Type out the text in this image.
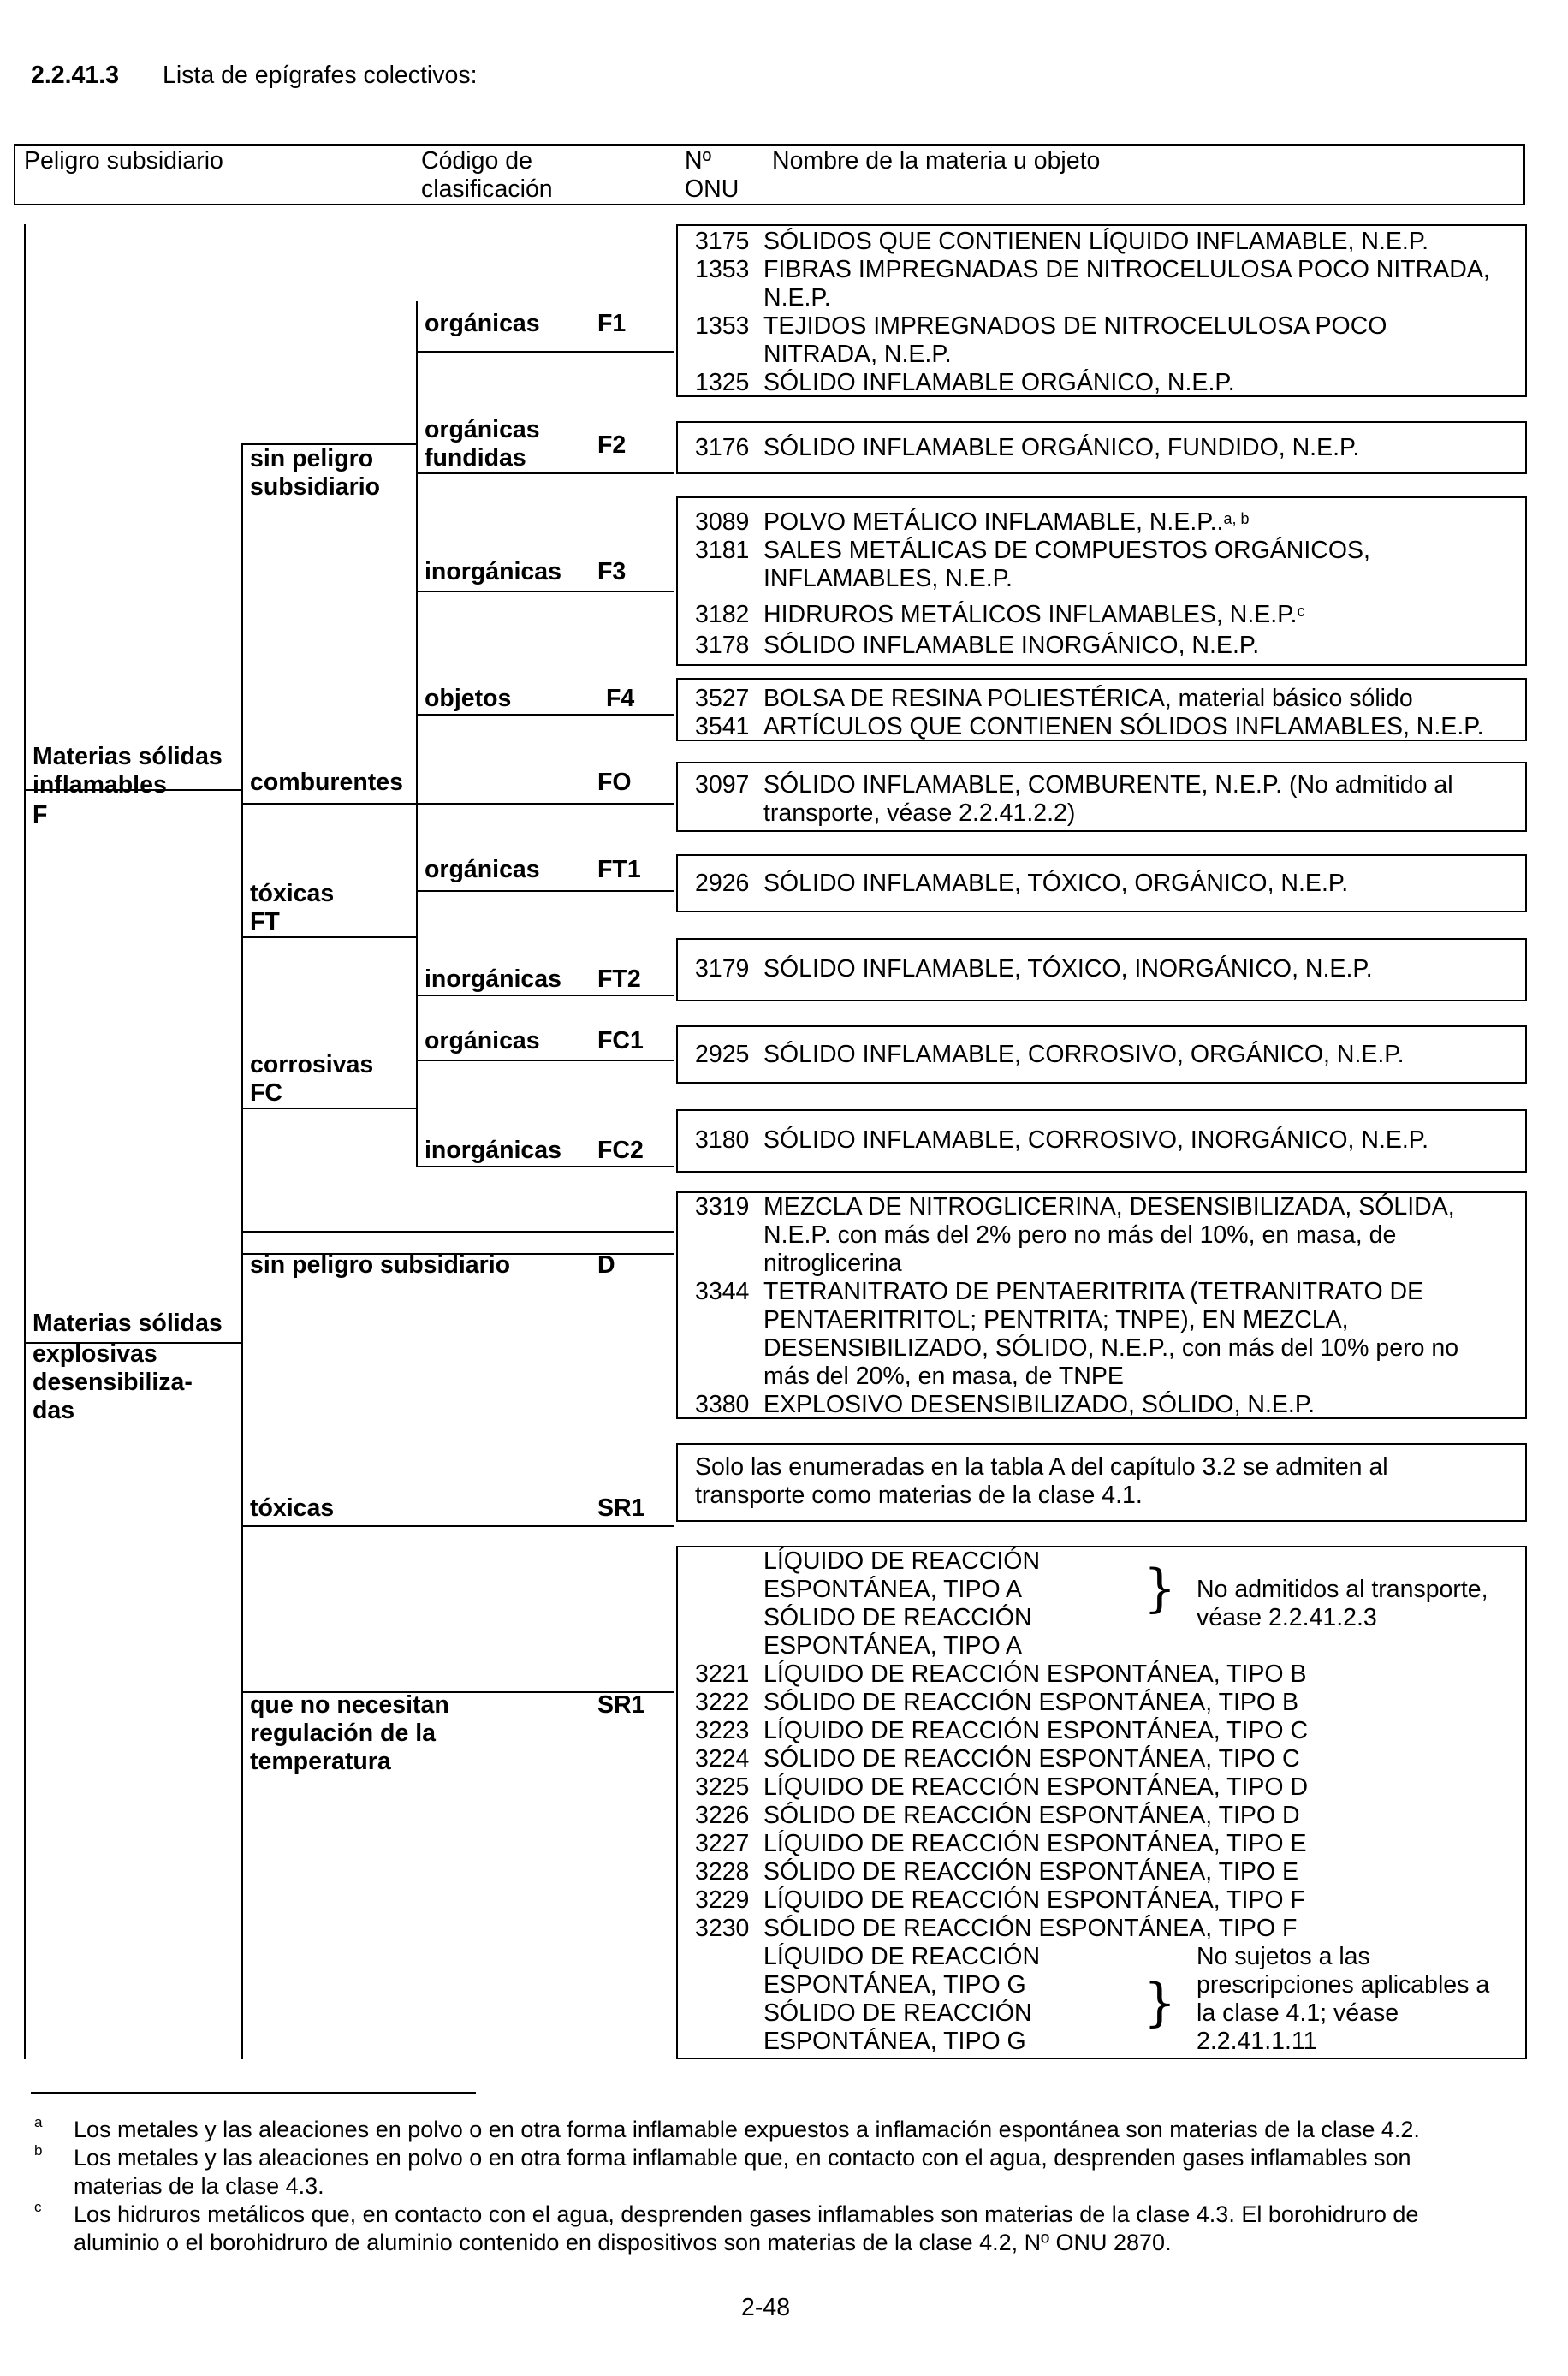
2.2.41.3 Lista de epígrafes colectivos:
Peligro subsidiario	Código de
clasificación
Nº
ONU
Nombre de la materia u objeto
Materias sólidas
inflamables
F
Materias sólidas
explosivas
desensibiliza-
das
sin peligro
subsidiario
comburentes
tóxicas
FT
corrosivas
FC
sin peligro subsidiario
tóxicas
que no necesitan
regulación de la
temperatura
orgánicas
orgánicas
fundidas
inorgánicas
objetos
orgánicas
inorgánicas
orgánicas
inorgánicas
F1
F2
F3
F4
FO
FT1
FT2
FC1
FC2
D
SR1
SR1
3175 SÓLIDOS QUE CONTIENEN LÍQUIDO INFLAMABLE, N.E.P.
1353 FIBRAS IMPREGNADAS DE NITROCELULOSA POCO NITRADA,
N.E.P.
1353 TEJIDOS IMPREGNADOS DE NITROCELULOSA POCO
NITRADA, N.E.P.
1325 SÓLIDO INFLAMABLE ORGÁNICO, N.E.P.
3176 SÓLIDO INFLAMABLE ORGÁNICO, FUNDIDO, N.E.P.
3089 POLVO METÁLICO INFLAMABLE, N.E.P..$^{a, b}$
3181 SALES METÁLICAS DE COMPUESTOS ORGÁNICOS,
INFLAMABLES, N.E.P.
3182 HIDRUROS METÁLICOS INFLAMABLES, N.E.P.$^c$
3178 SÓLIDO INFLAMABLE INORGÁNICO, N.E.P.
3527 BOLSA DE RESINA POLIESTÉRICA, material básico sólido
3541 ARTÍCULOS QUE CONTIENEN SÓLIDOS INFLAMABLES, N.E.P.
3097 SÓLIDO INFLAMABLE, COMBURENTE, N.E.P. (No admitido al
transporte, véase 2.2.41.2.2)
2926 SÓLIDO INFLAMABLE, TÓXICO, ORGÁNICO, N.E.P.
3179 SÓLIDO INFLAMABLE, TÓXICO, INORGÁNICO, N.E.P.
2925 SÓLIDO INFLAMABLE, CORROSIVO, ORGÁNICO, N.E.P.
3180 SÓLIDO INFLAMABLE, CORROSIVO, INORGÁNICO, N.E.P.
3319 MEZCLA DE NITROGLICERINA, DESENSIBILIZADA, SÓLIDA,
N.E.P. con más del 2% pero no más del 10%, en masa, de
nitroglicerina
3344 TETRANITRATO DE PENTAERITRITA (TETRANITRATO DE
PENTAERITRITOL; PENTRITA; TNPE), EN MEZCLA,
DESENSIBILIZADO, SÓLIDO, N.E.P., con más del 10% pero no
más del 20%, en masa, de TNPE
3380 EXPLOSIVO DESENSIBILIZADO, SÓLIDO, N.E.P.
Solo las enumeradas en la tabla A del capítulo 3.2 se admiten al
transporte como materias de la clase 4.1.
LÍQUIDO DE REACCIÓN
ESPONTÁNEA, TIPO A
SÓLIDO DE REACCIÓN
ESPONTÁNEA, TIPO A
} No admitidos al transporte,
véase 2.2.41.2.3
3221 LÍQUIDO DE REACCIÓN ESPONTÁNEA, TIPO B
3222 SÓLIDO DE REACCIÓN ESPONTÁNEA, TIPO B
3223 LÍQUIDO DE REACCIÓN ESPONTÁNEA, TIPO C
3224 SÓLIDO DE REACCIÓN ESPONTÁNEA, TIPO C
3225 LÍQUIDO DE REACCIÓN ESPONTÁNEA, TIPO D
3226 SÓLIDO DE REACCIÓN ESPONTÁNEA, TIPO D
3227 LÍQUIDO DE REACCIÓN ESPONTÁNEA, TIPO E
3228 SÓLIDO DE REACCIÓN ESPONTÁNEA, TIPO E
3229 LÍQUIDO DE REACCIÓN ESPONTÁNEA, TIPO F
3230 SÓLIDO DE REACCIÓN ESPONTÁNEA, TIPO F
LÍQUIDO DE REACCIÓN
ESPONTÁNEA, TIPO G
SÓLIDO DE REACCIÓN
ESPONTÁNEA, TIPO G
}
No sujetos a las
prescripciones aplicables a
la clase 4.1; véase
2.2.41.1.11
a Los metales y las aleaciones en polvo o en otra forma inflamable expuestos a inflamación espontánea son materias de la clase 4.2.
b Los metales y las aleaciones en polvo o en otra forma inflamable que, en contacto con el agua, desprenden gases inflamables son
materias de la clase 4.3.
c Los hidruros metálicos que, en contacto con el agua, desprenden gases inflamables son materias de la clase 4.3. El borohidruro de
aluminio o el borohidruro de aluminio contenido en dispositivos son materias de la clase 4.2, Nº ONU 2870.
2-48
